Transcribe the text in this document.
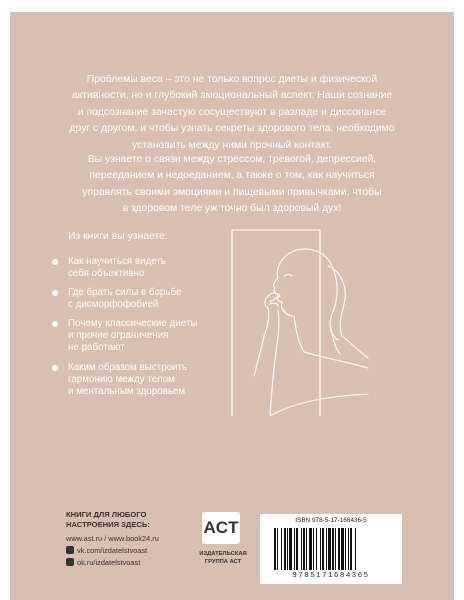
Проблемы веса – это не только вопрос диеты и физической
активности, но и глубокий эмоциональный аспект. Наши сознание
и подсознание зачастую сосуществуют в разладе и диссонансе
друг с другом, и чтобы узнать секреты здорового тела, необходимо
установить между ними прочный контакт.
Вы узнаете о связи между стрессом, тревогой, депрессией,
перееданием и недоеданием, а также о том, как научиться
управлять своими эмоциями и пищевыми привычками, чтобы
в здоровом теле уж точно был здоровый дух!

Из книги вы узнаете:

Как научиться видеть
себя объективно
Где брать силы в борьбе
с дисморфофобией
Почему классические диеты
и прочие ограничения
не работают
Каким образом выстроить
гармонию между телом
и ментальным здоровьем

КНИГИ ДЛЯ ЛЮБОГО

НАСТРОЕНИЯ ЗДЕСЬ:

www.ast.ru / www.book24.ru

vk.com/izdatelstvoast

ok.ru/izdatelstvoast

ACT
ИЗДАТЕЛЬСКАЯ
ГРУППА АСТ
ISBN 978-5-17-168436-5
9785171684365
